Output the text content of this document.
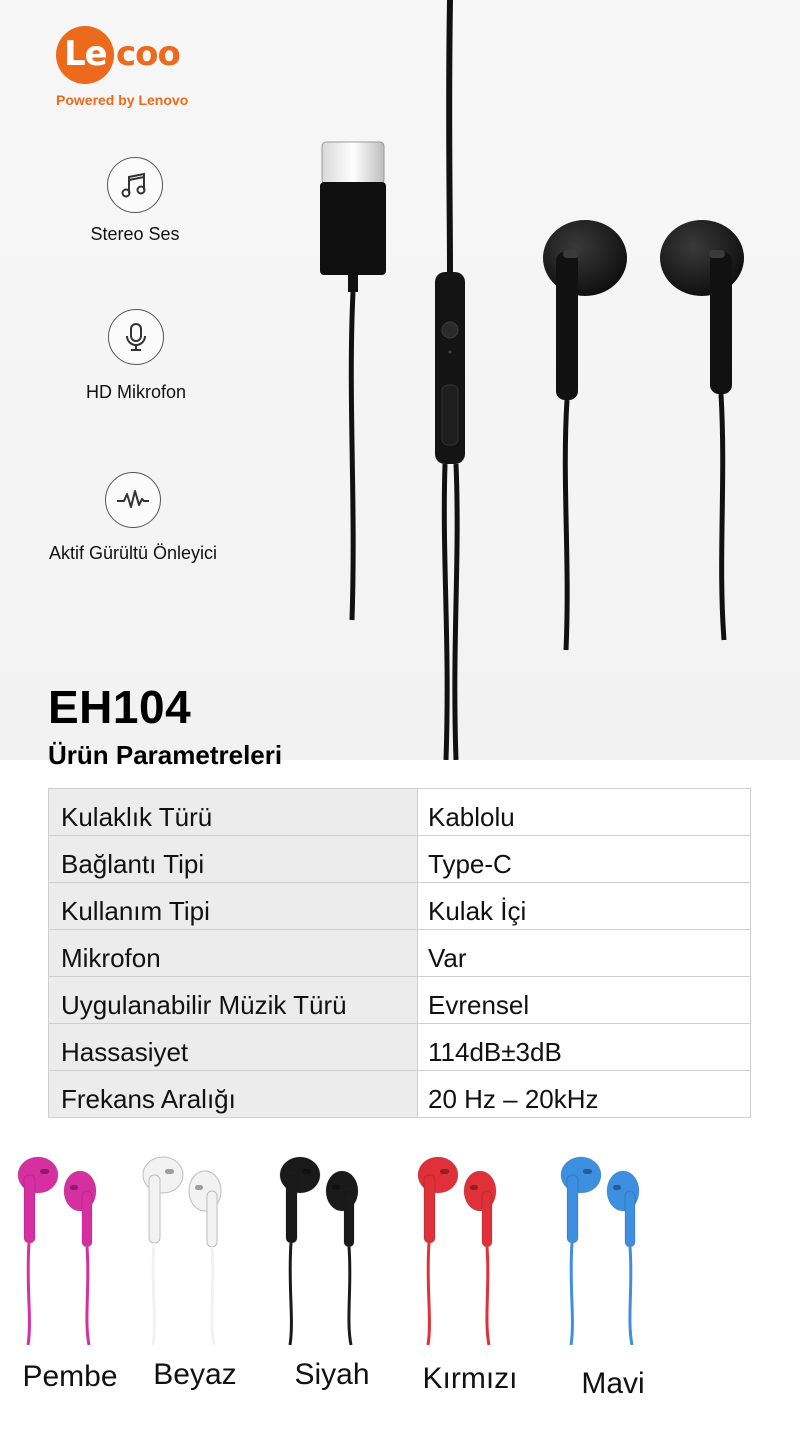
Le coo
Powered by Lenovo
Stereo Ses
HD Mikrofon
Aktif Gürültü Önleyici
EH104
Ürün Parametreleri
Kulaklık Türü	Kablolu
Bağlantı Tipi	Type-C
Kullanım Tipi	Kulak İçi
Mikrofon	Var
Uygulanabilir Müzik Türü	Evrensel
Hassasiyet	114dB±3dB
Frekans Aralığı	20 Hz – 20kHz
Pembe	Beyaz	Siyah	Kırmızı	Mavi
